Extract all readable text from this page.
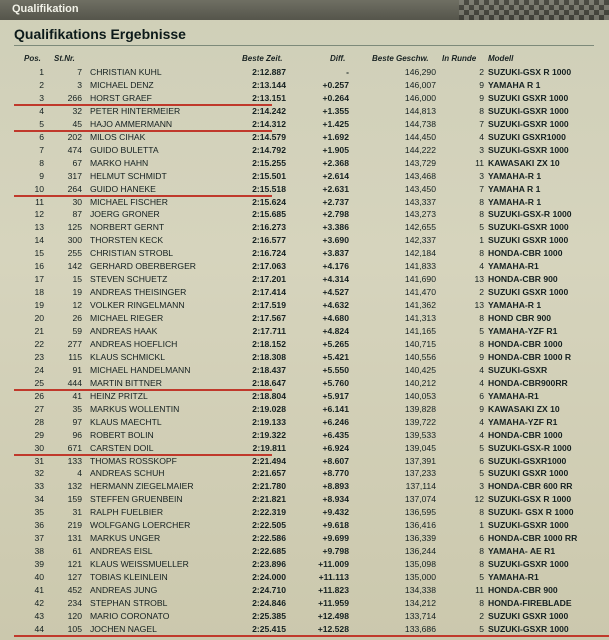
Qualifikation
Qualifikations Ergebnisse
Pos. St.Nr.	Beste Zeit.	Diff.	Beste Geschw. In Runde Modell
1	7 CHRISTIAN KUHL	2:12.887	-	146,290	2 SUZUKI-GSX R 1000
2	3 MICHAEL DENZ	2:13.144	+0.257	146,007	9 YAMAHA R 1
3	266 HORST GRAEF	2:13.151	+0.264	146,000	9 SUZUKI GSXR 1000
4	32 PETER HINTERMEIER	2:14.242	+1.355	144,813	8 SUZUKI-GSXR 1000
5	45 HAJO AMMERMANN	2:14.312	+1.425	144,738	7 SUZUKI-GSXR 1000
6	202 MILOS CIHAK	2:14.579	+1.692	144,450	4 SUZUKI GSXR1000
7	474 GUIDO BULETTA	2:14.792	+1.905	144,222	3 SUZUKI-GSXR 1000
8	67 MARKO HAHN	2:15.255	+2.368	143,729	11 KAWASAKI ZX 10
9	317 HELMUT SCHMIDT	2:15.501	+2.614	143,468	3 YAMAHA-R 1
10	264 GUIDO HANEKE	2:15.518	+2.631	143,450	7 YAMAHA R 1
11	30 MICHAEL FISCHER	2:15.624	+2.737	143,337	8 YAMAHA-R 1
12	87 JOERG GRONER	2:15.685	+2.798	143,273	8 SUZUKI-GSX-R 1000
13	125 NORBERT GERNT	2:16.273	+3.386	142,655	5 SUZUKI-GSXR 1000
14	300 THORSTEN KECK	2:16.577	+3.690	142,337	1 SUZUKI GSXR 1000
15	255 CHRISTIAN STROBL	2:16.724	+3.837	142,184	8 HONDA-CBR 1000
16	142 GERHARD OBERBERGER	2:17.063	+4.176	141,833	4 YAMAHA-R1
17	15 STEVEN SCHUETZ	2:17.201	+4.314	141,690	13 HONDA-CBR 900
18	19 ANDREAS THEISINGER	2:17.414	+4.527	141,470	2 SUZUKI GSXR 1000
19	12 VOLKER RINGELMANN	2:17.519	+4.632	141,362	13 YAMAHA-R 1
20	26 MICHAEL RIEGER	2:17.567	+4.680	141,313	8 HOND CBR 900
21	59 ANDREAS HAAK	2:17.711	+4.824	141,165	5 YAMAHA-YZF R1
22	277 ANDREAS HOEFLICH	2:18.152	+5.265	140,715	8 HONDA-CBR 1000
23	115 KLAUS SCHMICKL	2:18.308	+5.421	140,556	9 HONDA-CBR 1000 R
24	91 MICHAEL HANDELMANN	2:18.437	+5.550	140,425	4 SUZUKI-GSXR
25	444 MARTIN BITTNER	2:18.647	+5.760	140,212	4 HONDA-CBR900RR
26	41 HEINZ PRITZL	2:18.804	+5.917	140,053	6 YAMAHA-R1
27	35 MARKUS WOLLENTIN	2:19.028	+6.141	139,828	9 KAWASAKI ZX 10
28	97 KLAUS MAECHTL	2:19.133	+6.246	139,722	4 YAMAHA-YZF R1
29	96 ROBERT BOLIN	2:19.322	+6.435	139,533	4 HONDA-CBR 1000
30	671 CARSTEN DOIL	2:19.811	+6.924	139,045	5 SUZUKI-GSX-R 1000
31	133 THOMAS ROSSKOPF	2:21.494	+8.607	137,391	6 SUZUKI-GSXR1000
32	4 ANDREAS SCHUH	2:21.657	+8.770	137,233	5 SUZUKI GSXR 1000
33	132 HERMANN ZIEGELMAIER	2:21.780	+8.893	137,114	3 HONDA-CBR 600 RR
34	159 STEFFEN GRUENBEIN	2:21.821	+8.934	137,074	12 SUZUKI-GSX R 1000
35	31 RALPH FUELBIER	2:22.319	+9.432	136,595	8 SUZUKI- GSX R 1000
36	219 WOLFGANG LOERCHER	2:22.505	+9.618	136,416	1 SUZUKI-GSXR 1000
37	131 MARKUS UNGER	2:22.586	+9.699	136,339	6 HONDA-CBR 1000 RR
38	61 ANDREAS EISL	2:22.685	+9.798	136,244	8 YAMAHA- AE R1
39	121 KLAUS WEISSMUELLER	2:23.896	+11.009	135,098	8 SUZUKI-GSXR 1000
40	127 TOBIAS KLEINLEIN	2:24.000	+11.113	135,000	5 YAMAHA-R1
41	452 ANDREAS JUNG	2:24.710	+11.823	134,338	11 HONDA-CBR 900
42	234 STEPHAN STROBL	2:24.846	+11.959	134,212	8 HONDA-FIREBLADE
43	120 MARIO CORONATO	2:25.385	+12.498	133,714	2 SUZUKI GSXR 1000
44	105 JOCHEN NAGEL	2:25.415	+12.528	133,686	5 SUZUKI-GSXR 1000
